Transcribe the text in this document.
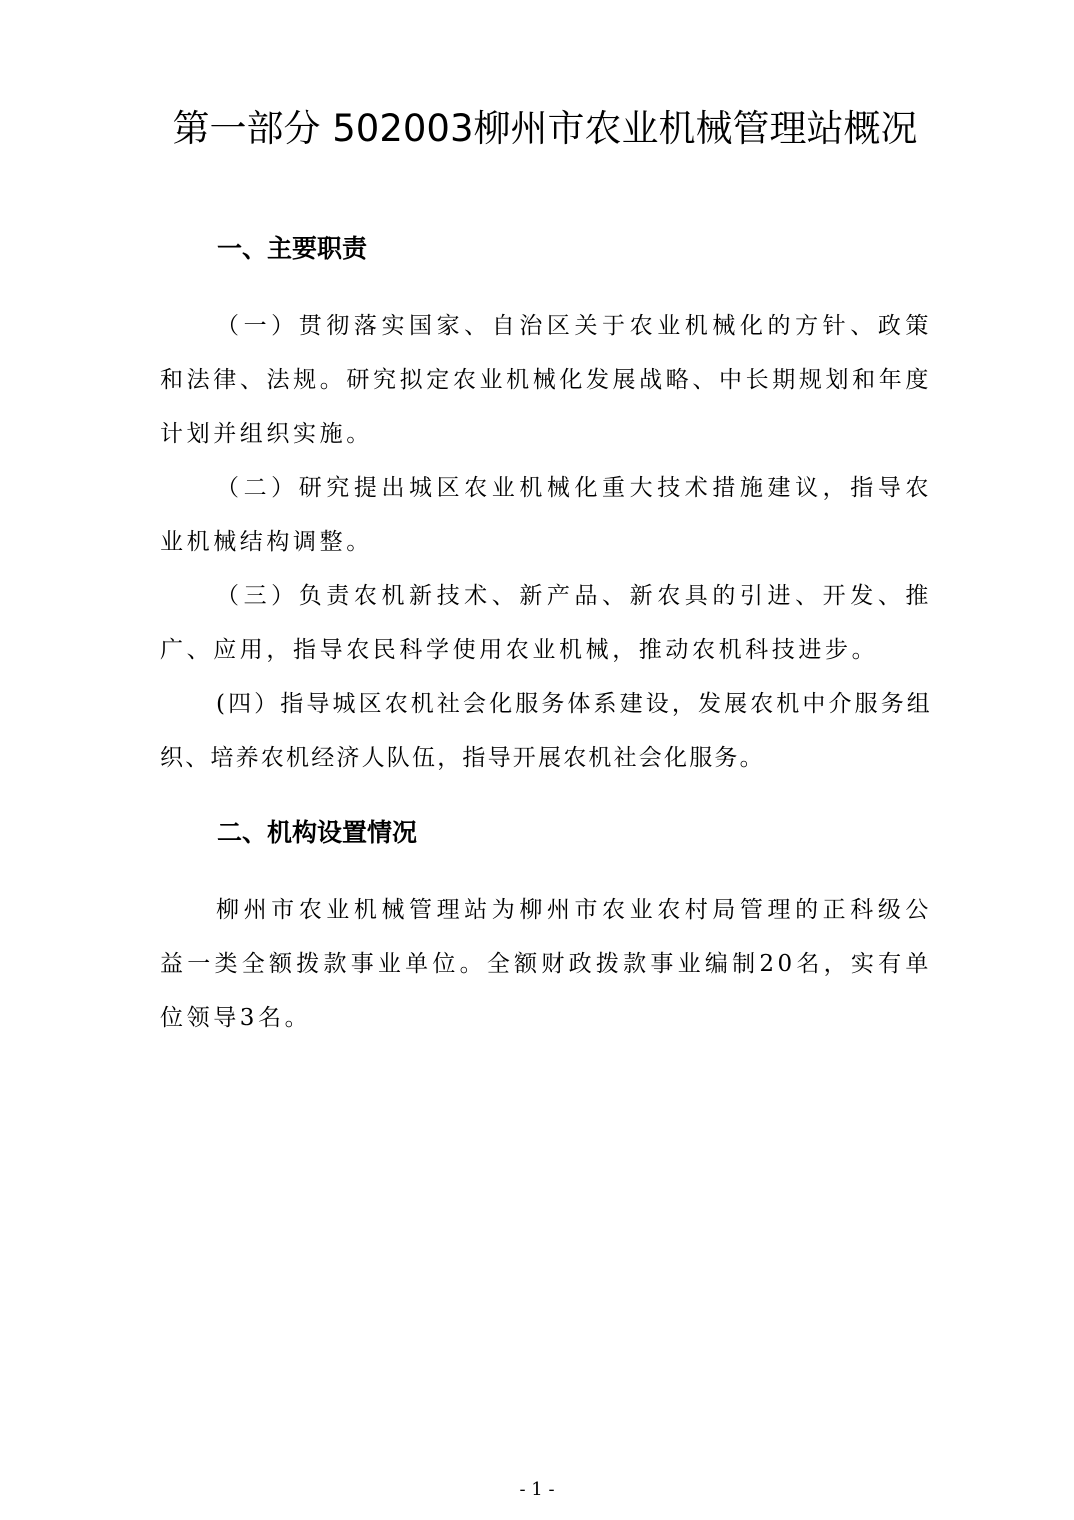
第一部分 502003柳州市农业机械管理站概况
一、主要职责

（一）贯彻落实国家、自治区关于农业机械化的方针、政策和法律、法规。研究拟定农业机械化发展战略、中长期规划和年度计划并组织实施。

（二）研究提出城区农业机械化重大技术措施建议，指导农业机械结构调整。

（三）负责农机新技术、新产品、新农具的引进、开发、推广、应用，指导农民科学使用农业机械，推动农机科技进步。

(四）指导城区农机社会化服务体系建设，发展农机中介服务组织、培养农机经济人队伍，指导开展农机社会化服务。

二、机构设置情况

柳州市农业机械管理站为柳州市农业农村局管理的正科级公益一类全额拨款事业单位。全额财政拨款事业编制20名，实有单位领导3名。

- 1 -
